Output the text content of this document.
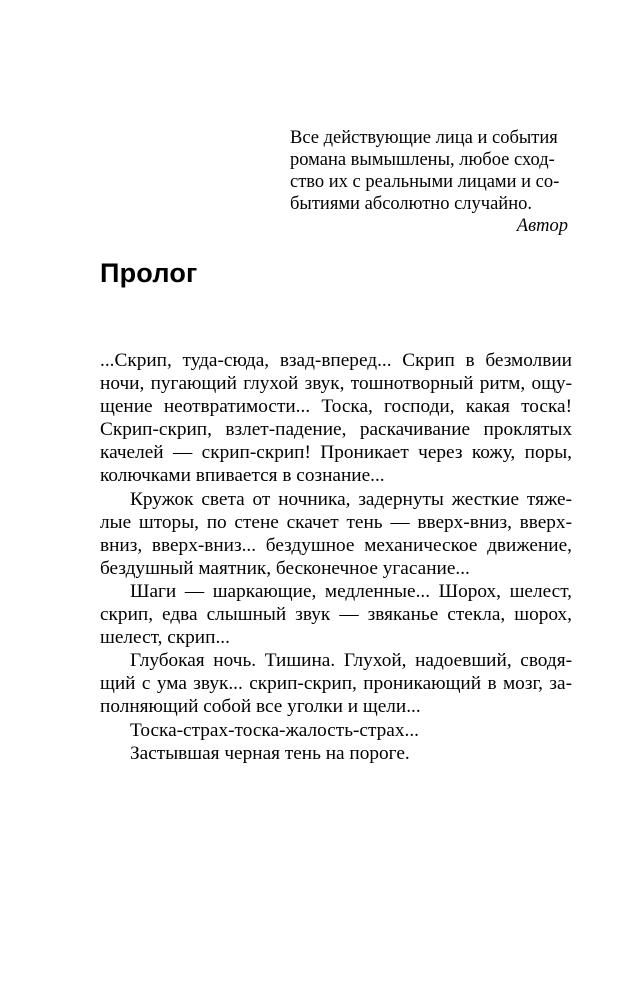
Все действующие лица и события
романа вымышлены, любое сход-
ство их с реальными лицами и со-
бытиями абсолютно случайно.
Автор
Пролог
...Скрип, туда-сюда, взад-вперед... Скрип в безмолвии
ночи, пугающий глухой звук, тошнотворный ритм, ощу-
щение неотвратимости... Тоска, господи, какая тоска!
Скрип-скрип, взлет-падение, раскачивание проклятых
качелей — скрип-скрип! Проникает через кожу, поры,
колючками впивается в сознание...
Кружок света от ночника, задернуты жесткие тяже-
лые шторы, по стене скачет тень — вверх-вниз, вверх-
вниз, вверх-вниз... бездушное механическое движение,
бездушный маятник, бесконечное угасание...
Шаги — шаркающие, медленные... Шорох, шелест,
скрип, едва слышный звук — звяканье стекла, шорох,
шелест, скрип...
Глубокая ночь. Тишина. Глухой, надоевший, сводя-
щий с ума звук... скрип-скрип, проникающий в мозг, за-
полняющий собой все уголки и щели...
Тоска-страх-тоска-жалость-страх...
Застывшая черная тень на пороге.
